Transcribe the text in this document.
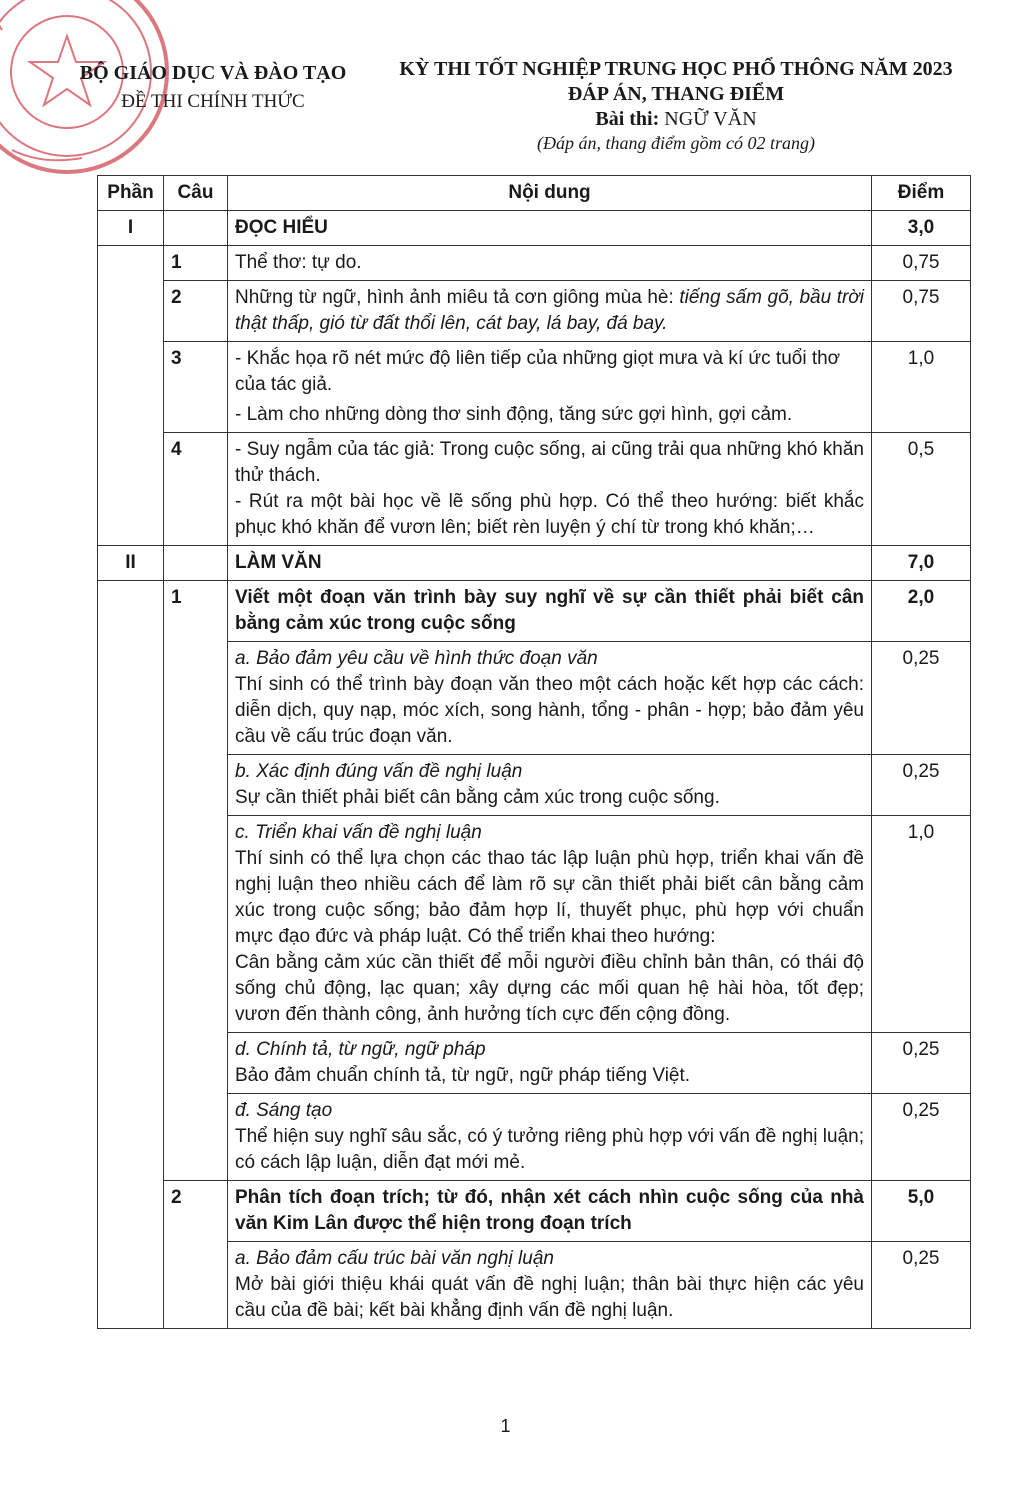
BỘ GIÁO DỤC VÀ ĐÀO TẠO
ĐỀ THI CHÍNH THỨC
KỲ THI TỐT NGHIỆP TRUNG HỌC PHỔ THÔNG NĂM 2023
ĐÁP ÁN, THANG ĐIỂM
Bài thi: NGỮ VĂN
(Đáp án, thang điểm gồm có 02 trang)
Phần	Câu	Nội dung	Điểm
I		ĐỌC HIỂU	3,0
	1	Thể thơ: tự do.	0,75
	2	Những từ ngữ, hình ảnh miêu tả cơn giông mùa hè: tiếng sấm gõ, bầu trời thật thấp, gió từ đất thổi lên, cát bay, lá bay, đá bay.	0,75
	3	- Khắc họa rõ nét mức độ liên tiếp của những giọt mưa và kí ức tuổi thơ của tác giả.
- Làm cho những dòng thơ sinh động, tăng sức gợi hình, gợi cảm.	1,0
	4	- Suy ngẫm của tác giả: Trong cuộc sống, ai cũng trải qua những khó khăn thử thách.
- Rút ra một bài học về lẽ sống phù hợp. Có thể theo hướng: biết khắc phục khó khăn để vươn lên; biết rèn luyện ý chí từ trong khó khăn;…	0,5
II		LÀM VĂN	7,0
	1	Viết một đoạn văn trình bày suy nghĩ về sự cần thiết phải biết cân bằng cảm xúc trong cuộc sống	2,0

		a. Bảo đảm yêu cầu về hình thức đoạn văn
Thí sinh có thể trình bày đoạn văn theo một cách hoặc kết hợp các cách: diễn dịch, quy nạp, móc xích, song hành, tổng - phân - hợp; bảo đảm yêu cầu về cấu trúc đoạn văn.	0,25

		b. Xác định đúng vấn đề nghị luận
Sự cần thiết phải biết cân bằng cảm xúc trong cuộc sống.	0,25

		c. Triển khai vấn đề nghị luận
Thí sinh có thể lựa chọn các thao tác lập luận phù hợp, triển khai vấn đề nghị luận theo nhiều cách để làm rõ sự cần thiết phải biết cân bằng cảm xúc trong cuộc sống; bảo đảm hợp lí, thuyết phục, phù hợp với chuẩn mực đạo đức và pháp luật. Có thể triển khai theo hướng:
Cân bằng cảm xúc cần thiết để mỗi người điều chỉnh bản thân, có thái độ sống chủ động, lạc quan; xây dựng các mối quan hệ hài hòa, tốt đẹp; vươn đến thành công, ảnh hưởng tích cực đến cộng đồng.	1,0

		d. Chính tả, từ ngữ, ngữ pháp
Bảo đảm chuẩn chính tả, từ ngữ, ngữ pháp tiếng Việt.	0,25

		đ. Sáng tạo
Thể hiện suy nghĩ sâu sắc, có ý tưởng riêng phù hợp với vấn đề nghị luận; có cách lập luận, diễn đạt mới mẻ.	0,25
	2	Phân tích đoạn trích; từ đó, nhận xét cách nhìn cuộc sống của nhà văn Kim Lân được thể hiện trong đoạn trích	5,0

		a. Bảo đảm cấu trúc bài văn nghị luận
Mở bài giới thiệu khái quát vấn đề nghị luận; thân bài thực hiện các yêu cầu của đề bài; kết bài khẳng định vấn đề nghị luận.	0,25
1
